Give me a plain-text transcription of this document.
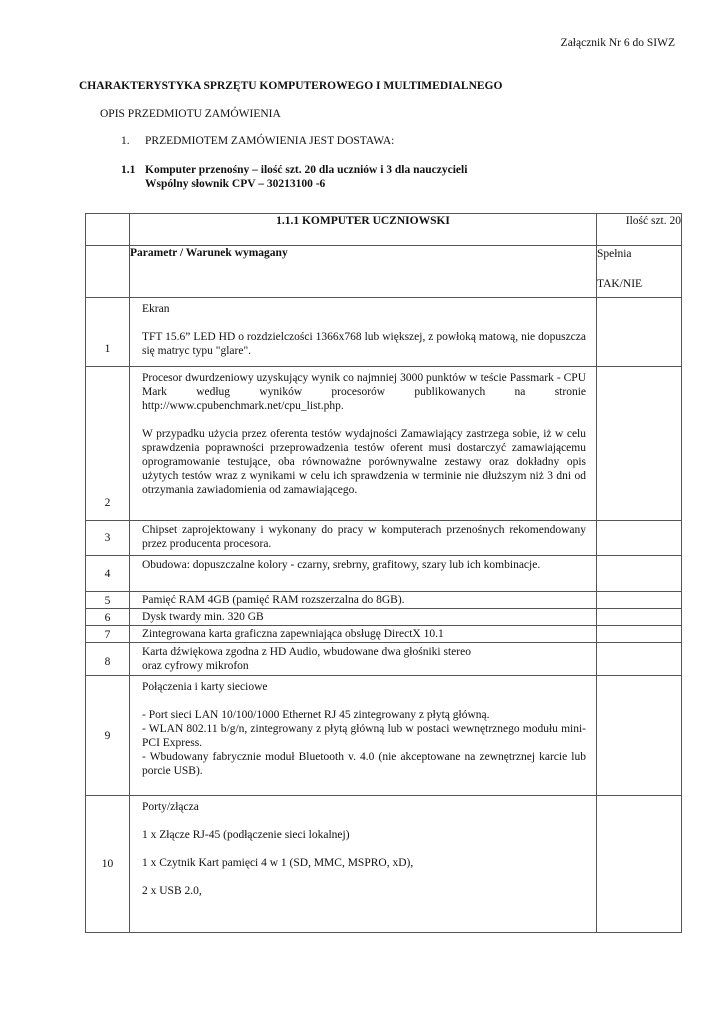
Załącznik Nr 6 do SIWZ
CHARAKTERYSTYKA SPRZĘTU KOMPUTEROWEGO I MULTIMEDIALNEGO
OPIS PRZEDMIOTU ZAMÓWIENIA
1. PRZEDMIOTEM ZAMÓWIENIA JEST DOSTAWA:
1.1 Komputer przenośny – ilość szt. 20 dla uczniów i 3 dla nauczycieli
Wspólny słownik CPV – 30213100 -6
	1.1.1 KOMPUTER UCZNIOWSKI	Ilość szt. 20
	Parametr / Warunek wymagany	Spełnia
TAK/NIE

1	Ekran

TFT 15.6” LED HD o rozdzielczości 1366x768 lub większej, z powłoką matową, nie dopuszcza się matryc typu "glare".	

2	Procesor dwurdzeniowy uzyskujący wynik co najmniej 3000 punktów w teście Passmark - CPU Mark według wyników procesorów publikowanych na stronie http://www.cpubenchmark.net/cpu_list.php.

W przypadku użycia przez oferenta testów wydajności Zamawiający zastrzega sobie, iż w celu sprawdzenia poprawności przeprowadzenia testów oferent musi dostarczyć zamawiającemu oprogramowanie testujące, oba równoważne porównywalne zestawy oraz dokładny opis użytych testów wraz z wynikami w celu ich sprawdzenia w terminie nie dłuższym niż 3 dni od otrzymania zawiadomienia od zamawiającego.	

3	Chipset zaprojektowany i wykonany do pracy w komputerach przenośnych rekomendowany przez producenta procesora.	
4	Obudowa: dopuszczalne kolory - czarny, srebrny, grafitowy, szary lub ich kombinacje.	
5	Pamięć RAM 4GB (pamięć RAM rozszerzalna do 8GB).	
6	Dysk twardy min. 320 GB	
7	Zintegrowana karta graficzna zapewniająca obsługę DirectX 10.1	
8	Karta dźwiękowa zgodna z HD Audio, wbudowane dwa głośniki stereo

oraz cyfrowy mikrofon	

9	Połączenia i karty sieciowe

- Port sieci LAN 10/100/1000 Ethernet RJ 45 zintegrowany z płytą główną.

- WLAN 802.11 b/g/n, zintegrowany z płytą główną lub w postaci wewnętrznego modułu mini-PCI Express.

- Wbudowany fabrycznie moduł Bluetooth v. 4.0 (nie akceptowane na zewnętrznej karcie lub porcie USB).	

10	Porty/złącza

1 x Złącze RJ-45 (podłączenie sieci lokalnej)

1 x Czytnik Kart pamięci 4 w 1 (SD, MMC, MSPRO, xD),

2 x USB 2.0,	
